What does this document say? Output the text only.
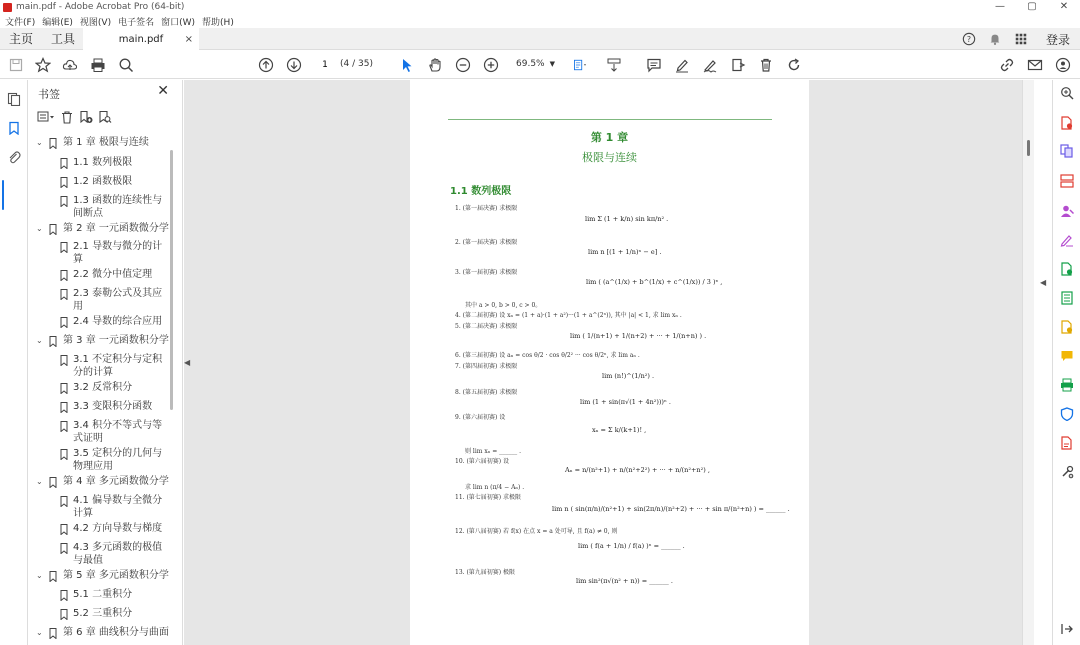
main.pdf - Adobe Acrobat Pro (64-bit)	—	▢	✕
文件(F) 编辑(E) 视图(V) 电子签名 窗口(W) 帮助(H)
主页	工具	main.pdf ×	?	登录
1
(4 / 35)	69.5% ▼
书签	✕
⌄ 第 1 章 极限与连续
1.1 数列极限
1.2 函数极限
1.3 函数的连续性与
间断点
⌄ 第 2 章 一元函数微分学
2.1 导数与微分的计
算
2.2 微分中值定理
2.3 泰勒公式及其应
用
2.4 导数的综合应用
⌄ 第 3 章 一元函数积分学
3.1 不定积分与定积
分的计算
3.2 反常积分
3.3 变限积分函数
3.4 积分不等式与等
式证明
3.5 定积分的几何与
物理应用
⌄ 第 4 章 多元函数微分学
4.1 偏导数与全微分
计算
4.2 方向导数与梯度
4.3 多元函数的极值
与最值
⌄ 第 5 章 多元函数积分学
5.1 二重积分
5.2 三重积分
⌄ 第 6 章 曲线积分与曲面
◀
第 1 章
极限与连续
1.1 数列极限
1. (第一届决赛) 求极限
lim Σ (1 + k/n) sin kπ/n² .
2. (第一届决赛) 求极限
lim n [(1 + 1/n)ⁿ − e] .
3. (第一届初赛) 求极限
lim ( (a^(1/x) + b^(1/x) + c^(1/x)) / 3 )ˣ ,
其中 a > 0, b > 0, c > 0。
4. (第二届初赛) 设 xₙ = (1 + a)·(1 + a²)···(1 + a^(2ⁿ)), 其中 |a| < 1, 求 lim xₙ .
5. (第二届决赛) 求极限
lim ( 1/(n+1) + 1/(n+2) + ··· + 1/(n+n) ) .
6. (第三届初赛) 设 aₙ = cos θ/2 · cos θ/2² ··· cos θ/2ⁿ, 求 lim aₙ .
7. (第四届初赛) 求极限
lim (n!)^(1/n²) .
8. (第五届初赛) 求极限
lim (1 + sin(π√(1 + 4n²)))ⁿ .
9. (第六届初赛) 设
xₙ = Σ k/(k+1)! ,
则 lim xₙ = ______ .
10. (第六届初赛) 设
Aₙ = n/(n²+1) + n/(n²+2²) + ··· + n/(n²+n²) ,
求 lim n (π/4 − Aₙ) .
11. (第七届初赛) 求极限
lim n ( sin(π/n)/(n²+1) + sin(2π/n)/(n²+2) + ··· + sin π/(n²+n) ) = ______ .
12. (第八届初赛) 若 f(x) 在点 x = a 处可导, 且 f(a) ≠ 0, 则
lim ( f(a + 1/n) / f(a) )ⁿ = ______ .
13. (第九届初赛) 极限
lim sin²(π√(n² + n)) = ______ .
◀
